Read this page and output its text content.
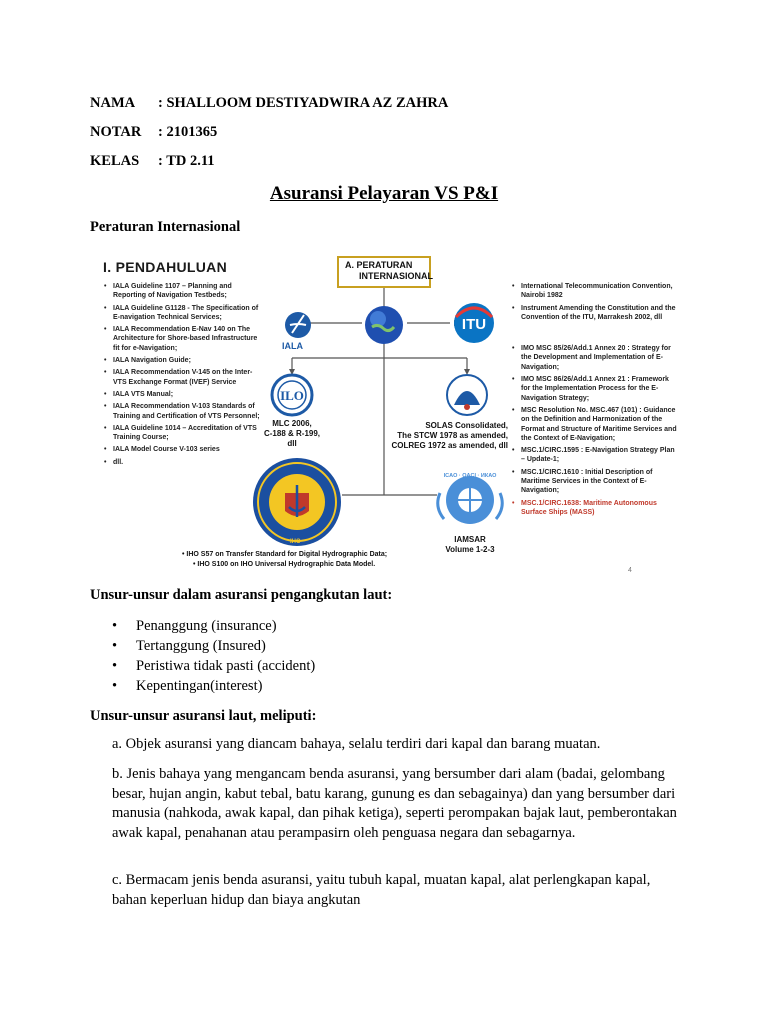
NAMA : SHALLOOM DESTIYADWIRA AZ ZAHRA
NOTAR : 2101365
KELAS : TD 2.11
Asuransi Pelayaran VS P&I
Peraturan Internasional
ITU
ILO
I. PENDAHULUAN	A. PERATURAN
INTERNASIONAL
• IALA Guideline 1107 – Planning and Reporting of Navigation Testbeds;
• IALA Guideline G1128 - The Specification of E-navigation Technical Services;
• IALA Recommendation E-Nav 140 on The Architecture for Shore-based Infrastructure fit for e-Navigation;
• IALA Navigation Guide;
• IALA Recommendation V-145 on the Inter-VTS Exchange Format (IVEF) Service
• IALA VTS Manual;
• IALA Recommendation V-103 Standards of Training and Certification of VTS Personnel;
• IALA Guideline 1014 – Accreditation of VTS Training Course;
• IALA Model Course V-103 series
• dll.
• International Telecommunication Convention, Nairobi 1982
• Instrument Amending the Constitution and the Convention of the ITU, Marrakesh 2002, dll
• IMO MSC 85/26/Add.1 Annex 20 : Strategy for the Development and Implementation of E-Navigation;
• IMO MSC 86/26/Add.1 Annex 21 : Framework for the Implementation Process for the E-Navigation Strategy;
• MSC Resolution No. MSC.467 (101) : Guidance on the Definition and Harmonization of the Format and Structure of Maritime Services and the Context of E-Navigation;
• MSC.1/CIRC.1595 : E-Navigation Strategy Plan – Update-1;
• MSC.1/CIRC.1610 : Initial Description of Maritime Services in the Context of E-Navigation;
• MSC.1/CIRC.1638: Maritime Autonomous Surface Ships (MASS)
IALA
MLC 2006,
C-188 & R-199, dll
SOLAS Consolidated,
The STCW 1978 as amended,
COLREG 1972 as amended, dll
IHO
ICAO · OACI · ИКАО
IAMSAR
Volume 1-2-3
• IHO S57 on Transfer Standard for Digital Hydrographic Data;
• IHO S100 on IHO Universal Hydrographic Data Model.
4
Unsur-unsur dalam asuransi pengangkutan laut:
• Penanggung (insurance)
• Tertanggung (Insured)
• Peristiwa tidak pasti (accident)
• Kepentingan(interest)
Unsur-unsur asuransi laut, meliputi:

a. Objek asuransi yang diancam bahaya, selalu terdiri dari kapal dan barang muatan.

b. Jenis bahaya yang mengancam benda asuransi, yang bersumber dari alam (badai, gelombang besar, hujan angin, kabut tebal, batu karang, gunung es dan sebagainya) dan yang bersumber dari manusia (nahkoda, awak kapal, dan pihak ketiga), seperti perompakan bajak laut, pemberontakan awak kapal, penahanan atau perampasirn oleh penguasa negara dan sebagarnya.

c. Bermacam jenis benda asuransi, yaitu tubuh kapal, muatan kapal, alat perlengkapan kapal, bahan keperluan hidup dan biaya angkutan
